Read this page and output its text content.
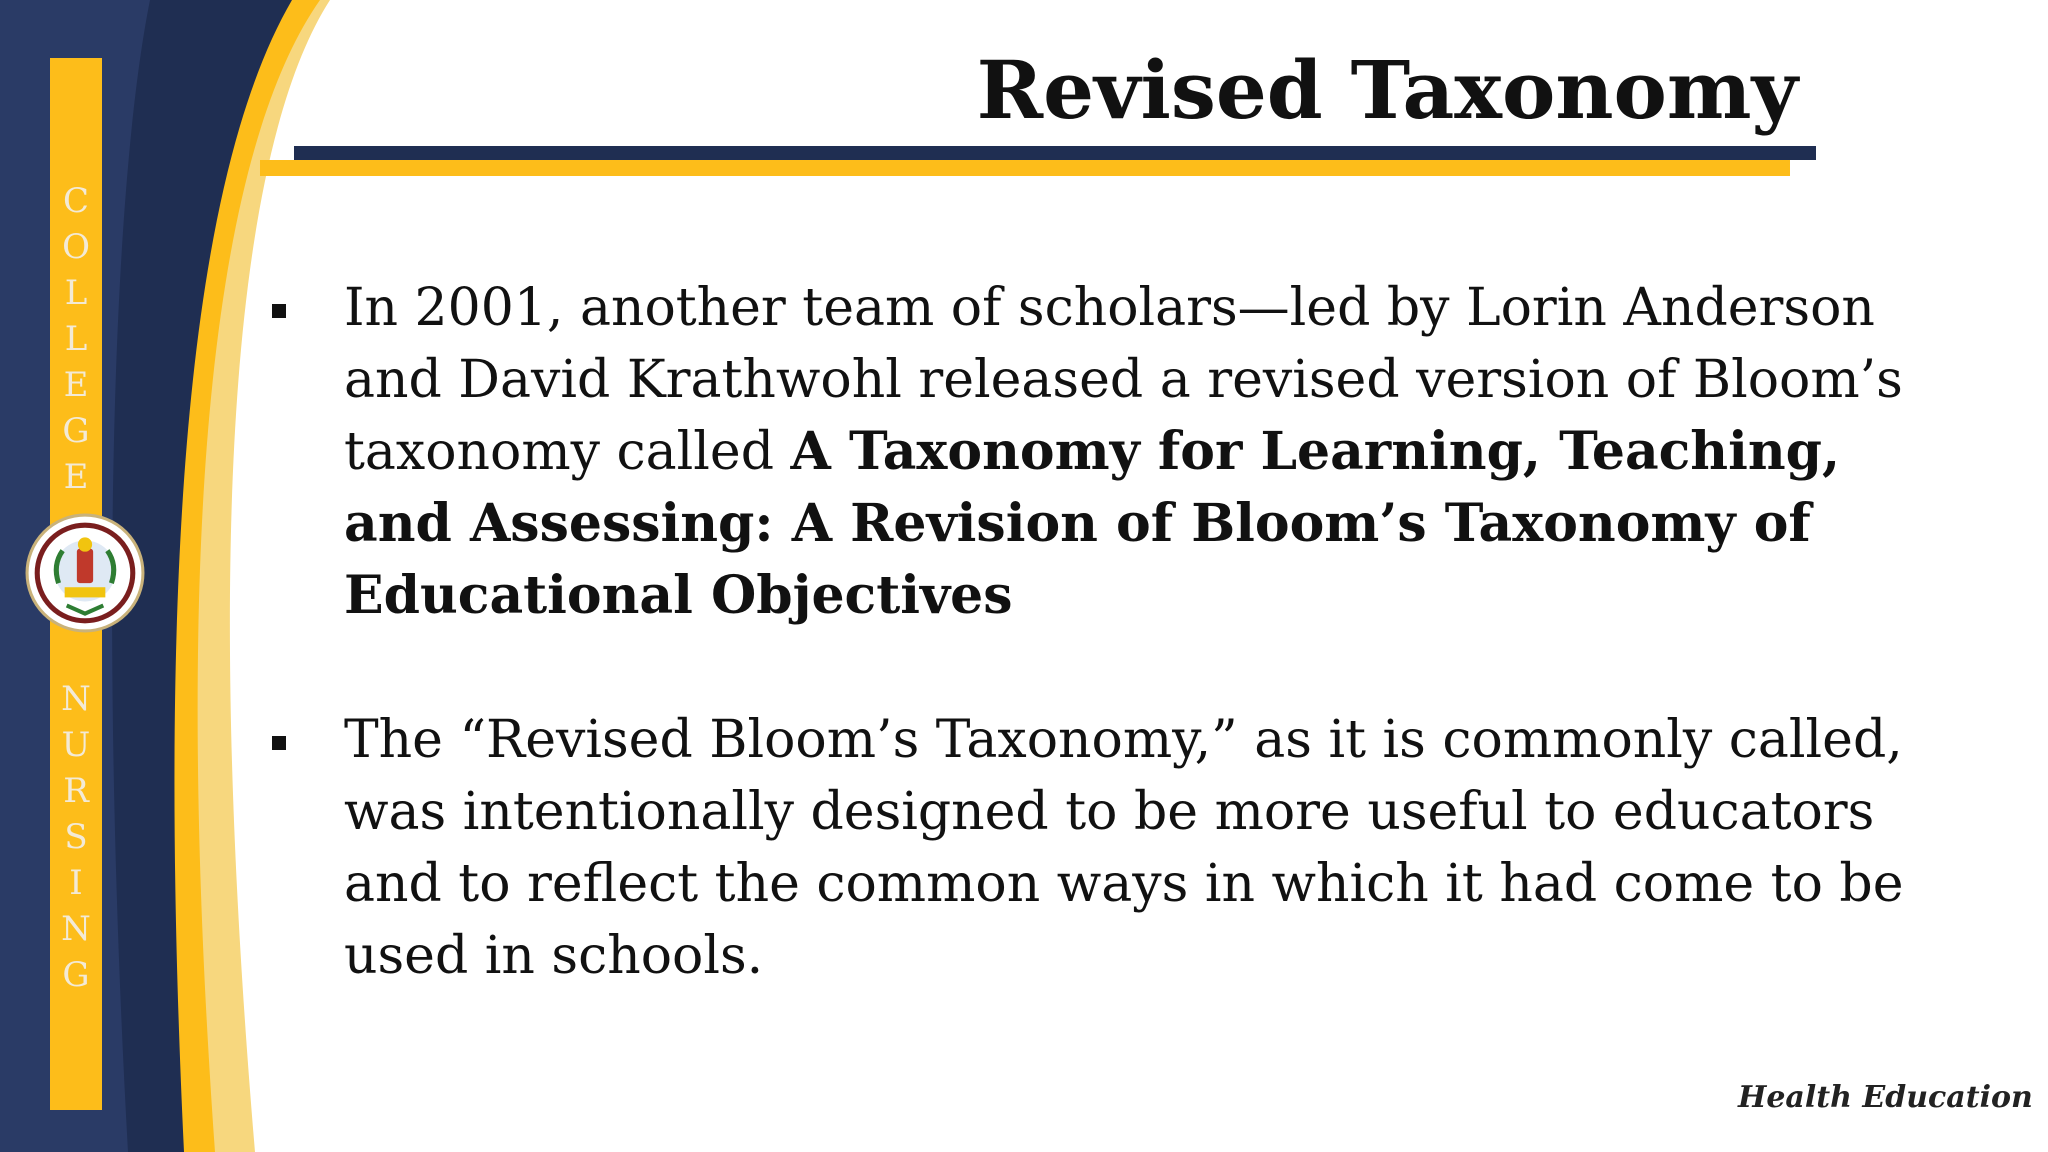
C
O
L
L
E
G
E
N
U
R
S
I
N
G
Revised Taxonomy
In 2001, another team of scholars—led by Lorin Anderson and David Krathwohl released a revised version of Bloom’s taxonomy called A Taxonomy for Learning, Teaching, and Assessing: A Revision of Bloom’s Taxonomy of Educational Objectives
The “Revised Bloom’s Taxonomy,” as it is commonly called, was intentionally designed to be more useful to educators and to reflect the common ways in which it had come to be used in schools.
Health Education
